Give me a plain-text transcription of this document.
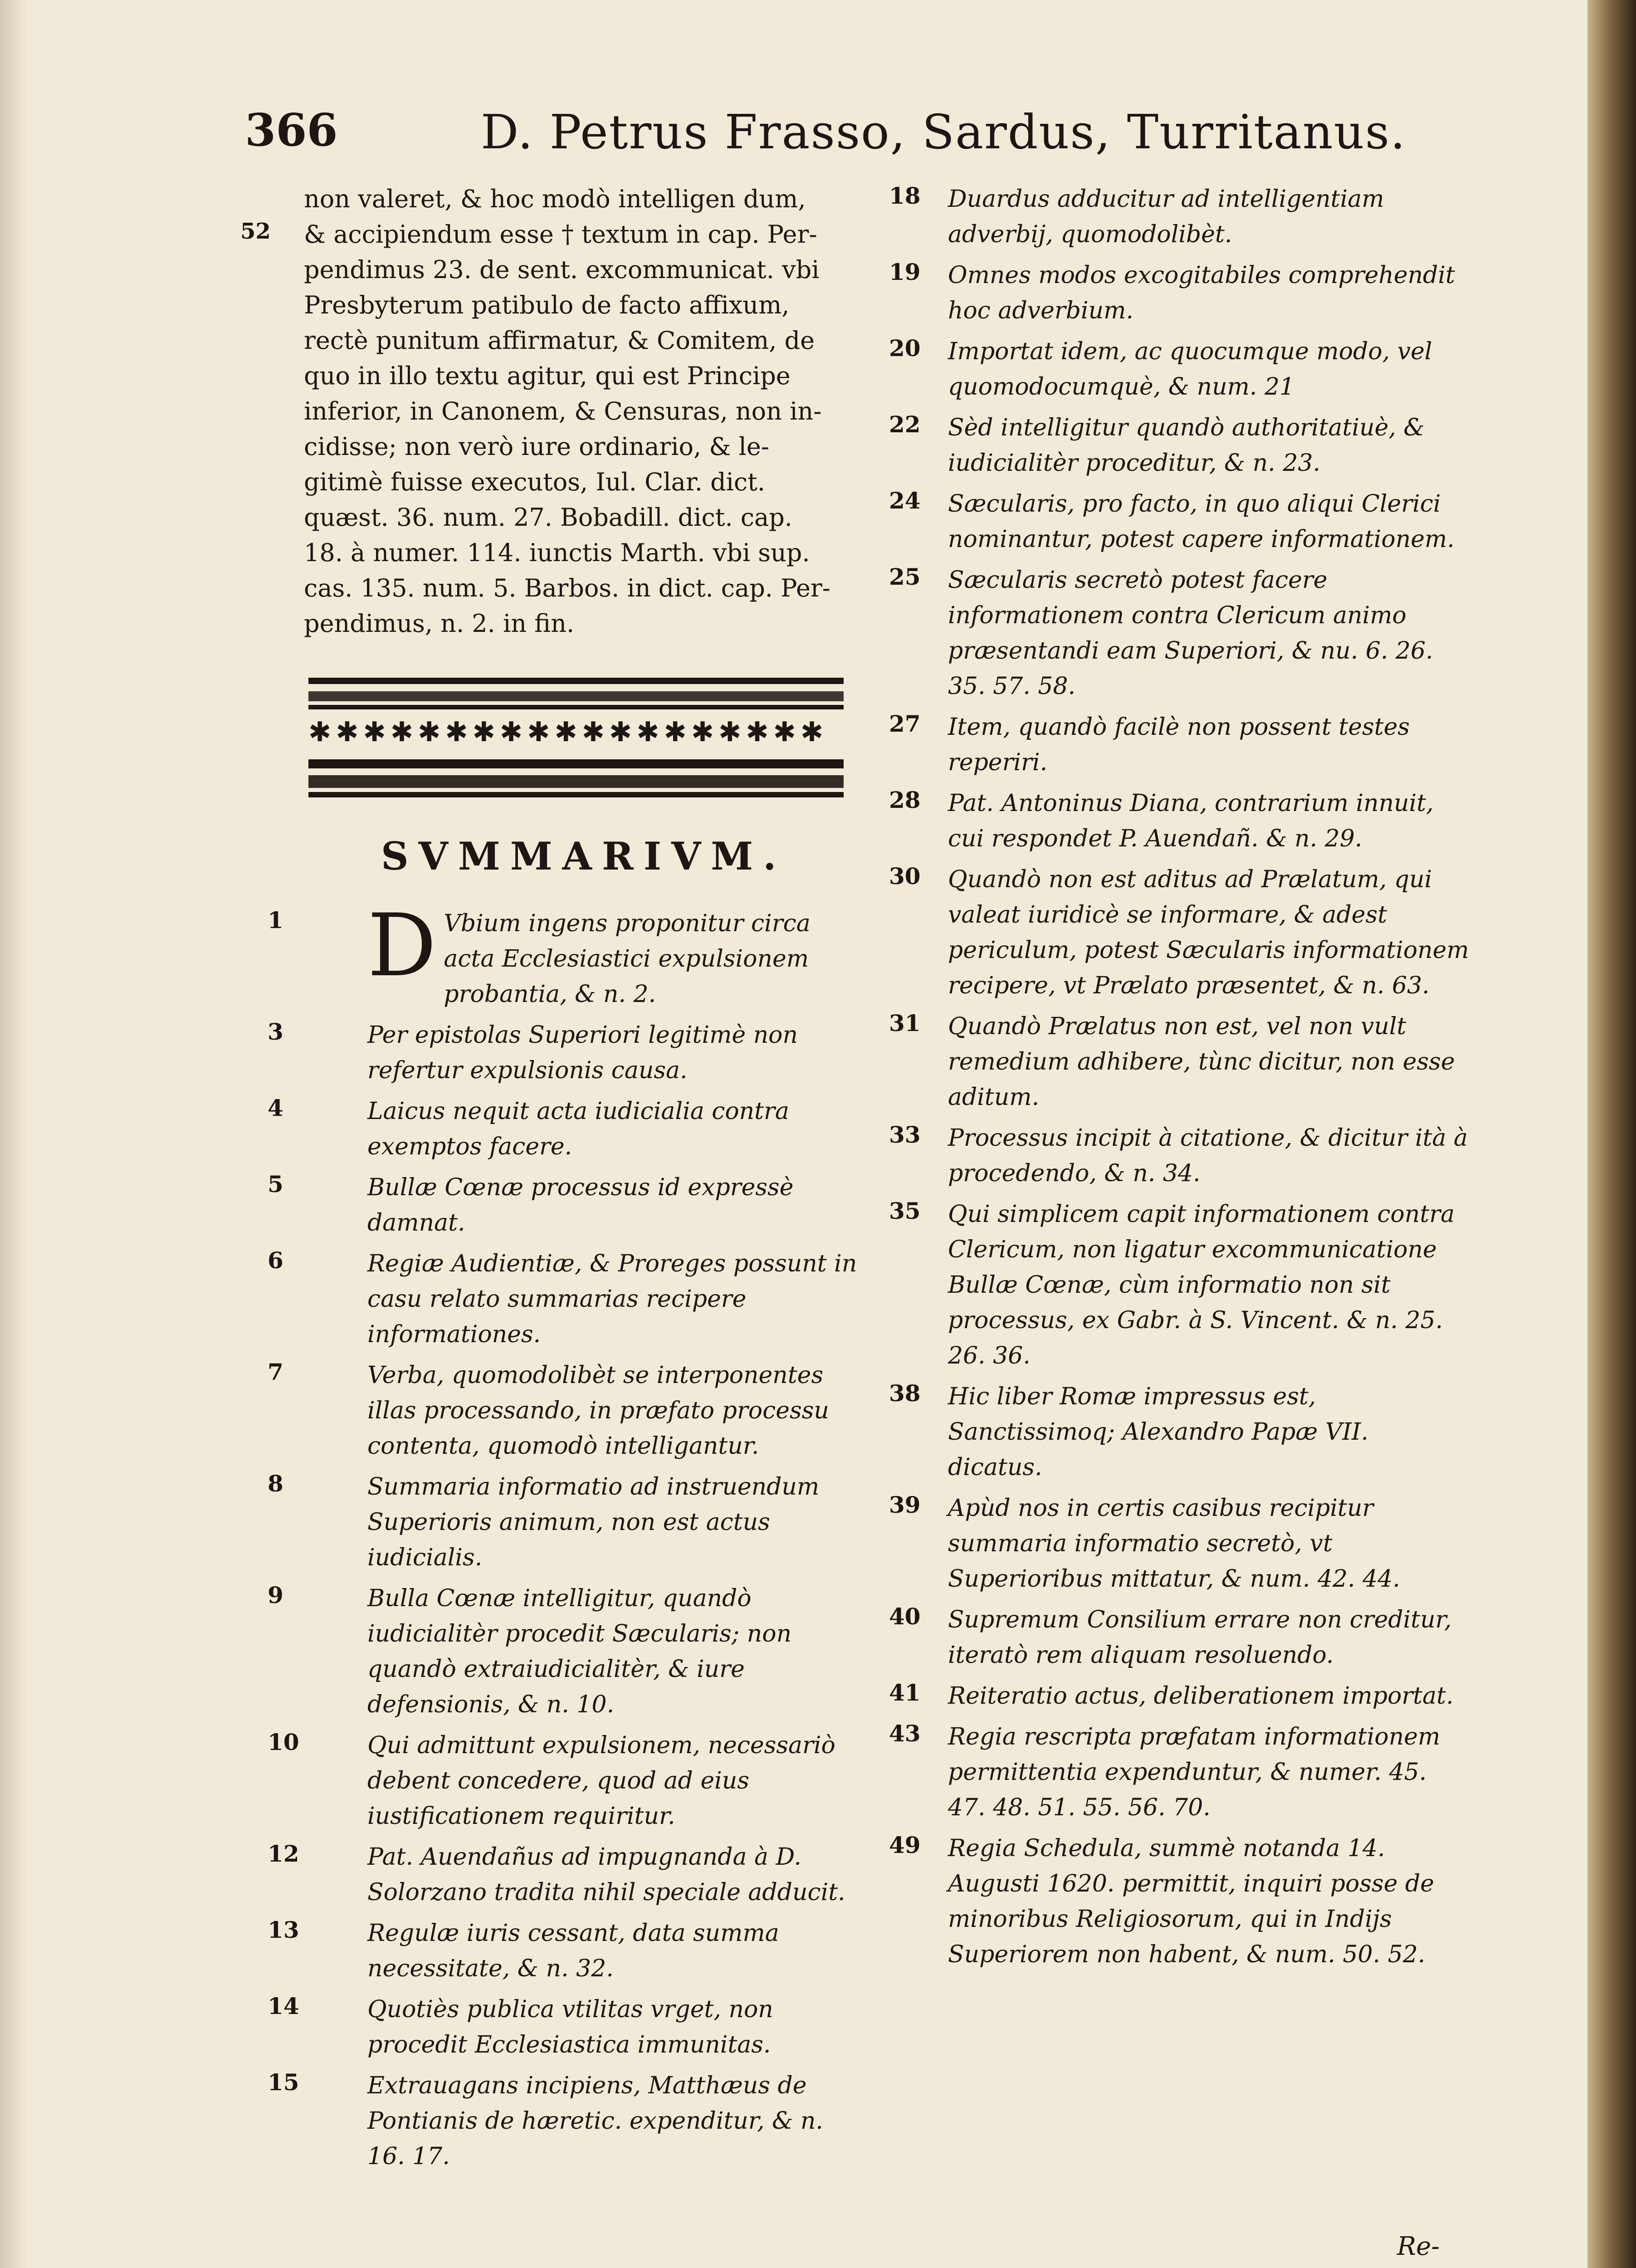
366	D. Petrus Frasso, Sardus, Turritanus.
52
non valeret, & hoc modò intelligen dum,
& accipiendum esse † textum in cap. Per-
pendimus 23. de sent. excommunicat. vbi
Presbyterum patibulo de facto affixum,
rectè punitum affirmatur, & Comitem, de
quo in illo textu agitur, qui est Principe
inferior, in Canonem, & Censuras, non in-
cidisse; non verò iure ordinario, & le-
gitimè fuisse executos, Iul. Clar. dict.
quæst. 36. num. 27. Bobadill. dict. cap.
18. à numer. 114. iunctis Marth. vbi sup.
cas. 135. num. 5. Barbos. in dict. cap. Per-
pendimus, n. 2. in fin.
✱✱✱✱✱✱✱✱✱✱✱✱✱✱✱✱✱✱✱
SVMMARIVM.
1 D Vbium ingens proponitur circa acta Ecclesiastici expulsionem probantia, & n. 2.
3	Per epistolas Superiori legitimè non refertur expulsionis causa.
4	Laicus nequit acta iudicialia contra exemptos facere.
5	Bullæ Cœnæ processus id expressè damnat.
6	Regiæ Audientiæ, & Proreges possunt in casu relato summarias recipere informationes.
7	Verba, quomodolibèt se interponentes illas processando, in præfato processu contenta, quomodò intelligantur.
8	Summaria informatio ad instruendum Superioris animum, non est actus iudicialis.
9	Bulla Cœnæ intelligitur, quandò iudicialitèr procedit Sæcularis; non quandò extraiudicialitèr, & iure defensionis, & n. 10.
10	Qui admittunt expulsionem, necessariò debent concedere, quod ad eius iustificationem requiritur.
12	Pat. Auendañus ad impugnanda à D. Solorzano tradita nihil speciale adducit.
13	Regulæ iuris cessant, data summa necessitate, & n. 32.
14	Quotiès publica vtilitas vrget, non procedit Ecclesiastica immunitas.
15	Extrauagans incipiens, Matthæus de Pontianis de hæretic. expenditur, & n. 16. 17.
18	Duardus adducitur ad intelligentiam adverbij, quomodolibèt.
19	Omnes modos excogitabiles comprehendit hoc adverbium.
20	Importat idem, ac quocumque modo, vel quomodocumquè, & num. 21
22	Sèd intelligitur quandò authoritatiuè, & iudicialitèr proceditur, & n. 23.
24	Sæcularis, pro facto, in quo aliqui Clerici nominantur, potest capere informationem.
25	Sæcularis secretò potest facere informationem contra Clericum animo præsentandi eam Superiori, & nu. 6. 26. 35. 57. 58.
27	Item, quandò facilè non possent testes reperiri.
28	Pat. Antoninus Diana, contrarium innuit, cui respondet P. Auendañ. & n. 29.
30	Quandò non est aditus ad Prælatum, qui valeat iuridicè se informare, & adest periculum, potest Sæcularis informationem recipere, vt Prælato præsentet, & n. 63.
31	Quandò Prælatus non est, vel non vult remedium adhibere, tùnc dicitur, non esse aditum.
33	Processus incipit à citatione, & dicitur ità à procedendo, & n. 34.
35	Qui simplicem capit informationem contra Clericum, non ligatur excommunicatione Bullæ Cœnæ, cùm informatio non sit processus, ex Gabr. à S. Vincent. & n. 25. 26. 36.
38	Hic liber Romæ impressus est, Sanctissimoq; Alexandro Papæ VII. dicatus.
39	Apùd nos in certis casibus recipitur summaria informatio secretò, vt Superioribus mittatur, & num. 42. 44.
40	Supremum Consilium errare non creditur, iteratò rem aliquam resoluendo.
41	Reiteratio actus, deliberationem importat.
43	Regia rescripta præfatam informationem permittentia expenduntur, & numer. 45. 47. 48. 51. 55. 56. 70.
49	Regia Schedula, summè notanda 14. Augusti 1620. permittit, inquiri posse de minoribus Religiosorum, qui in Indijs Superiorem non habent, & num. 50. 52.
Re-
